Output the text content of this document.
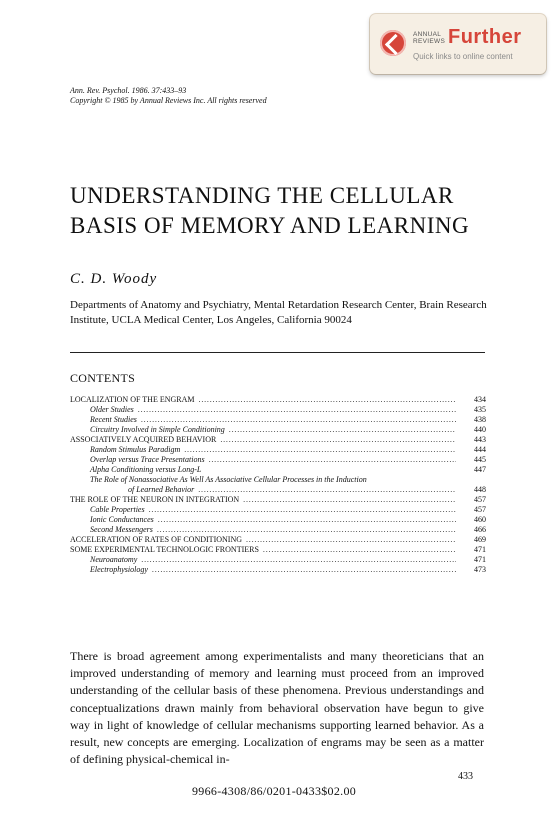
ANNUAL
REVIEWS Further
Quick links to online content
Ann. Rev. Psychol. 1986. 37:433–93
Copyright © 1985 by Annual Reviews Inc. All rights reserved
UNDERSTANDING THE CELLULAR
BASIS OF MEMORY AND LEARNING
C. D. Woody

Departments of Anatomy and Psychiatry, Mental Retardation Research Center, Brain Research Institute, UCLA Medical Center, Los Angeles, California 90024

CONTENTS
LOCALIZATION OF THE ENGRAM . . .	434
Older Studies . . .	435
Recent Studies . . .	438
Circuitry Involved in Simple Conditioning . . .	440
ASSOCIATIVELY ACQUIRED BEHAVIOR . . .	443
Random Stimulus Paradigm . . .	444
Overlap versus Trace Presentations . . .	445
Alpha Conditioning versus Long-L	447
The Role of Nonassociative As Well As Associative Cellular Processes in the Induction
of Learned Behavior . . .	448
THE ROLE OF THE NEURON IN INTEGRATION . . .	457
Cable Properties . . .	457
Ionic Conductances . . .	460
Second Messengers . . .	466
ACCELERATION OF RATES OF CONDITIONING . . .	469
SOME EXPERIMENTAL TECHNOLOGIC FRONTIERS . . .	471
Neuroanatomy . . .	471
Electrophysiology . . .	473

There is broad agreement among experimentalists and many theoreticians that an improved understanding of memory and learning must proceed from an improved understanding of the cellular basis of these phenomena. Previous understandings and conceptualizations drawn mainly from behavioral observation have begun to give way in light of knowledge of cellular mechanisms supporting learned behavior. As a result, new concepts are emerging. Localization of engrams may be seen as a matter of defining physical-chemical in-

433
9966-4308/86/0201-0433$02.00
